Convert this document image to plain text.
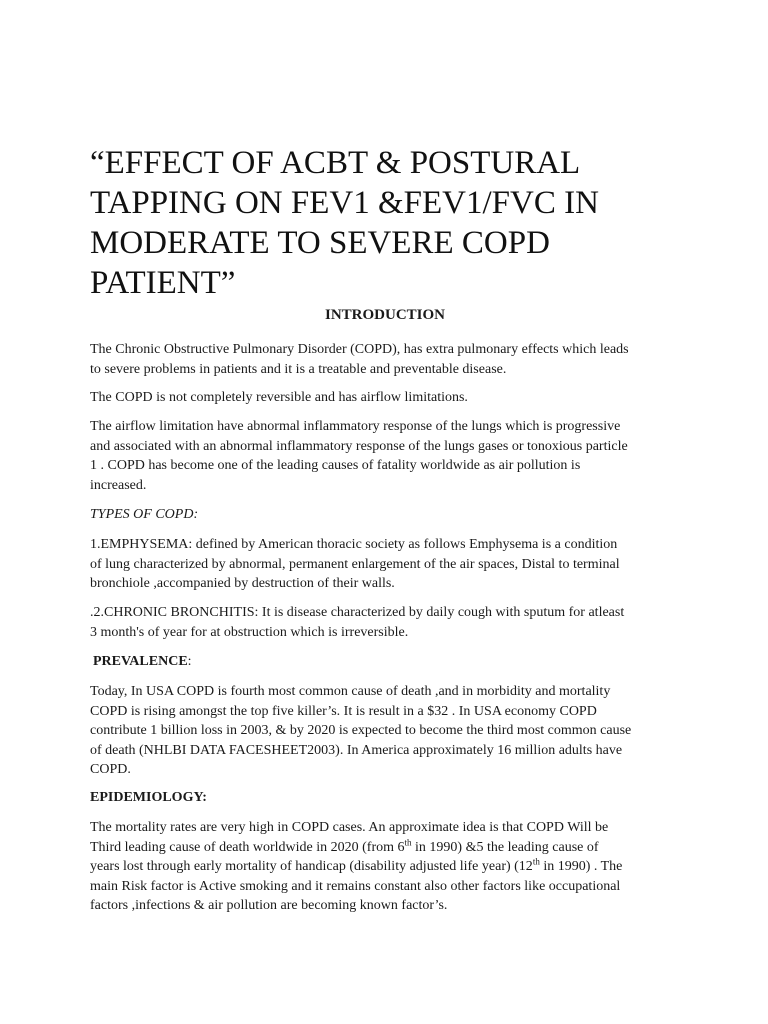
“EFFECT OF ACBT & POSTURAL
TAPPING ON FEV1 &FEV1/FVC IN
MODERATE TO SEVERE COPD
PATIENT”
INTRODUCTION

The Chronic Obstructive Pulmonary Disorder (COPD), has extra pulmonary effects which leads
to severe problems in patients and it is a treatable and preventable disease.

The COPD is not completely reversible and has airflow limitations.

The airflow limitation have abnormal inflammatory response of the lungs which is progressive
and associated with an abnormal inflammatory response of the lungs gases or tonoxious particle
1 . COPD has become one of the leading causes of fatality worldwide as air pollution is
increased.

TYPES OF COPD:

1.EMPHYSEMA: defined by American thoracic society as follows Emphysema is a condition
of lung characterized by abnormal, permanent enlargement of the air spaces, Distal to terminal
bronchiole ,accompanied by destruction of their walls.

.2.CHRONIC BRONCHITIS: It is disease characterized by daily cough with sputum for atleast
3 month's of year for at obstruction which is irreversible.

PREVALENCE:

Today, In USA COPD is fourth most common cause of death ,and in morbidity and mortality
COPD is rising amongst the top five killer’s. It is result in a $32 . In USA economy COPD
contribute 1 billion loss in 2003, & by 2020 is expected to become the third most common cause
of death (NHLBI DATA FACESHEET2003). In America approximately 16 million adults have
COPD.

EPIDEMIOLOGY:

The mortality rates are very high in COPD cases. An approximate idea is that COPD Will be
Third leading cause of death worldwide in 2020 (from 6th in 1990) &5 the leading cause of
years lost through early mortality of handicap (disability adjusted life year) (12th in 1990) . The
main Risk factor is Active smoking and it remains constant also other factors like occupational
factors ,infections & air pollution are becoming known factor’s.
